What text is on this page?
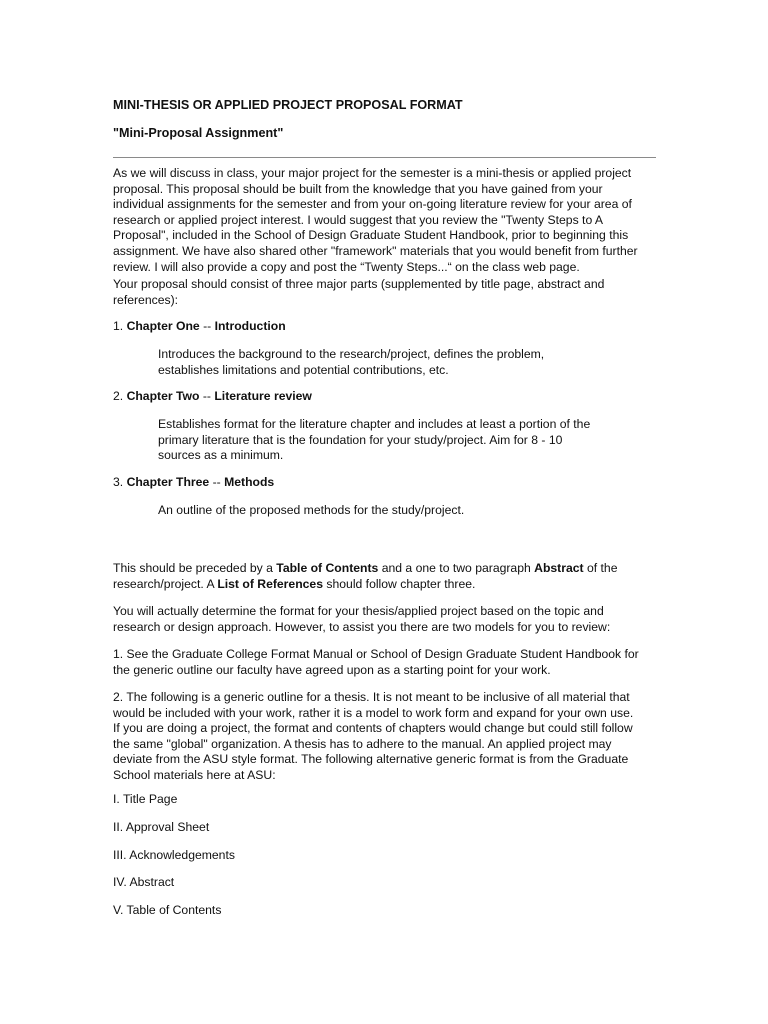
MINI-THESIS OR APPLIED PROJECT PROPOSAL FORMAT
"Mini-Proposal Assignment"
As we will discuss in class, your major project for the semester is a mini-thesis or applied project
proposal. This proposal should be built from the knowledge that you have gained from your
individual assignments for the semester and from your on-going literature review for your area of
research or applied project interest. I would suggest that you review the "Twenty Steps to A
Proposal", included in the School of Design Graduate Student Handbook, prior to beginning this
assignment. We have also shared other "framework" materials that you would benefit from further
review. I will also provide a copy and post the “Twenty Steps...“ on the class web page.
Your proposal should consist of three major parts (supplemented by title page, abstract and
references):
1. Chapter One -- Introduction
Introduces the background to the research/project, defines the problem,
establishes limitations and potential contributions, etc.
2. Chapter Two -- Literature review
Establishes format for the literature chapter and includes at least a portion of the
primary literature that is the foundation for your study/project. Aim for 8 - 10
sources as a minimum.
3. Chapter Three -- Methods
An outline of the proposed methods for the study/project.
This should be preceded by a Table of Contents and a one to two paragraph Abstract of the
research/project. A List of References should follow chapter three.
You will actually determine the format for your thesis/applied project based on the topic and
research or design approach. However, to assist you there are two models for you to review:
1. See the Graduate College Format Manual or School of Design Graduate Student Handbook for
the generic outline our faculty have agreed upon as a starting point for your work.
2. The following is a generic outline for a thesis. It is not meant to be inclusive of all material that
would be included with your work, rather it is a model to work form and expand for your own use.
If you are doing a project, the format and contents of chapters would change but could still follow
the same "global" organization. A thesis has to adhere to the manual. An applied project may
deviate from the ASU style format. The following alternative generic format is from the Graduate
School materials here at ASU:
I. Title Page
II. Approval Sheet
III. Acknowledgements
IV. Abstract
V. Table of Contents
